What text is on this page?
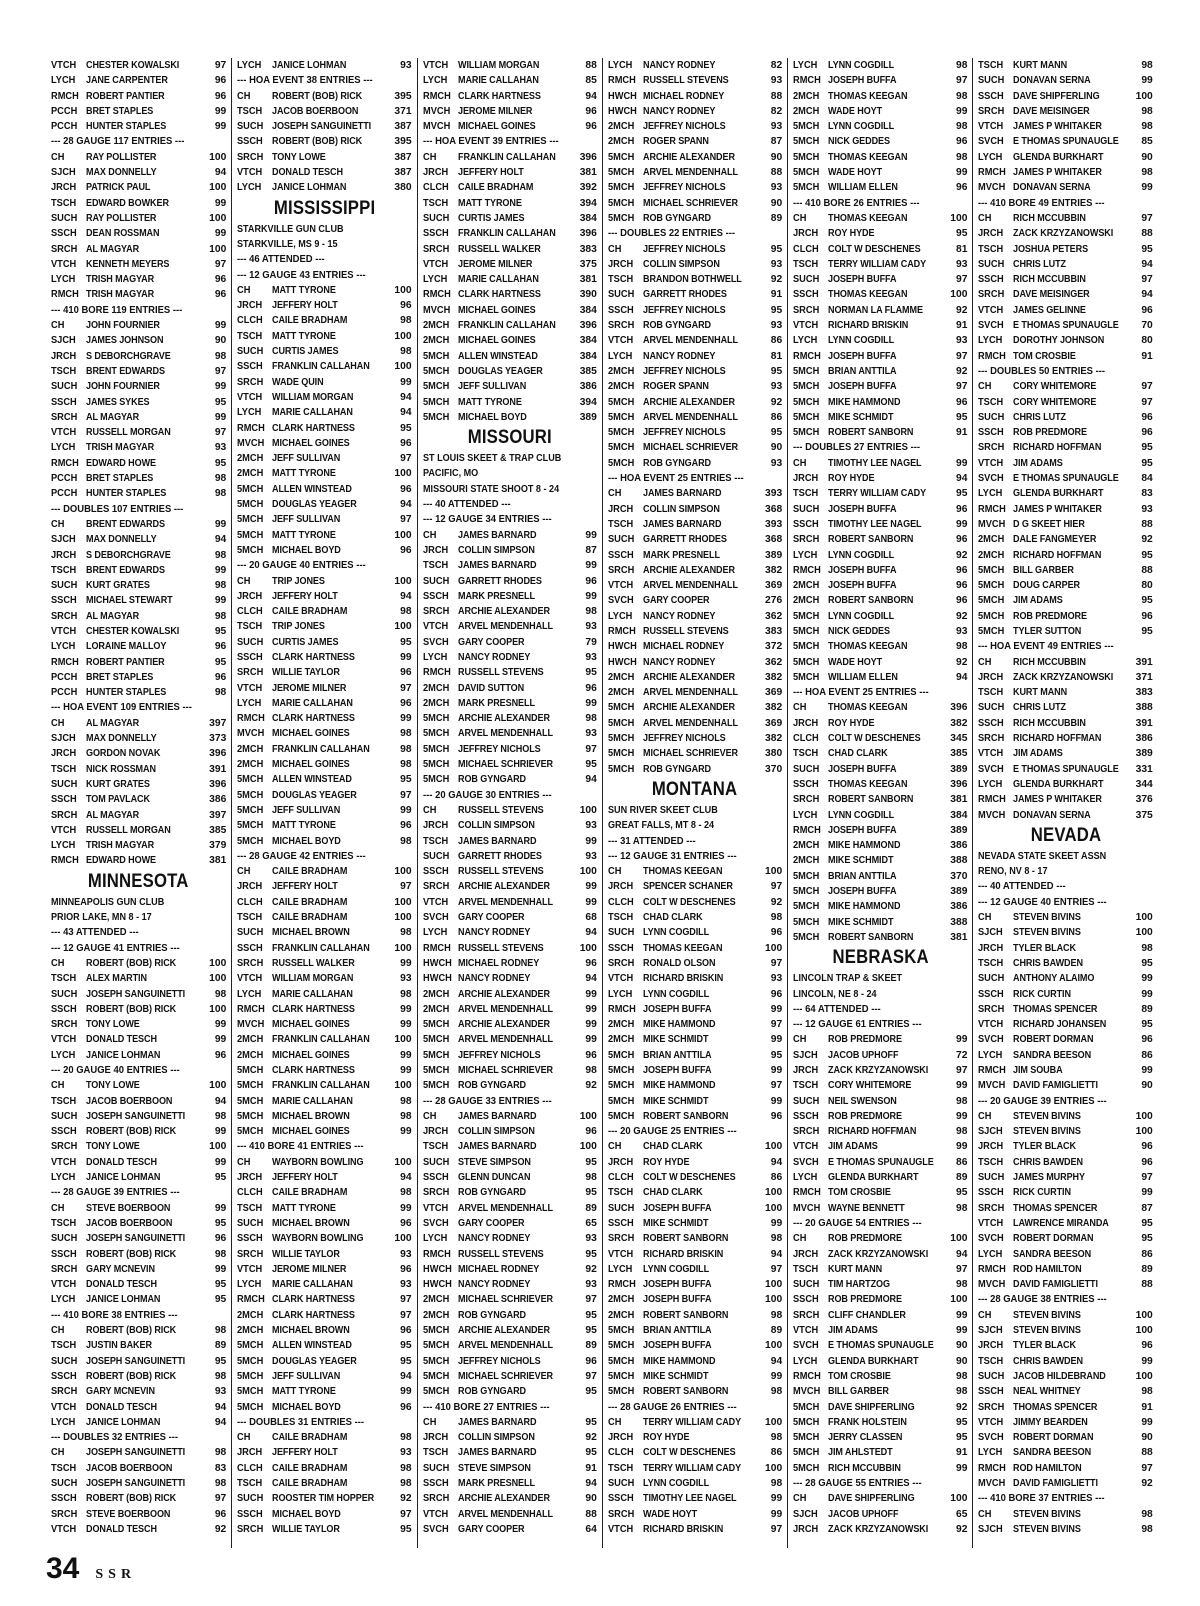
VTCH CHESTER KOWALSKI	97
LYCH	JANE CARPENTER	96
RMCH ROBERT PANTIER	96
PCCH BRET STAPLES	99
PCCH HUNTER STAPLES	99
--- 28 GAUGE 117 ENTRIES ---
CH	RAY POLLISTER	100
SJCH MAX DONNELLY	94
JRCH PATRICK PAUL	100
TSCH EDWARD BOWKER	99
SUCH RAY POLLISTER	100
SSCH DEAN ROSSMAN	99
SRCH AL MAGYAR	100
VTCH KENNETH MEYERS	97
LYCH	TRISH MAGYAR	96
RMCH TRISH MAGYAR	96
--- 410 BORE 119 ENTRIES ---
CH	JOHN FOURNIER	99
SJCH JAMES JOHNSON	90
JRCH S DEBORCHGRAVE	98
TSCH BRENT EDWARDS	97
SUCH JOHN FOURNIER	99
SSCH JAMES SYKES	95
SRCH AL MAGYAR	99
VTCH RUSSELL MORGAN	97
LYCH	TRISH MAGYAR	93
RMCH EDWARD HOWE	95
PCCH BRET STAPLES	98
PCCH HUNTER STAPLES	98
--- DOUBLES 107 ENTRIES ---
CH	BRENT EDWARDS	99
SJCH MAX DONNELLY	94
JRCH S DEBORCHGRAVE	98
TSCH BRENT EDWARDS	99
SUCH KURT GRATES	98
SSCH MICHAEL STEWART	99
SRCH AL MAGYAR	98
VTCH CHESTER KOWALSKI	95
LYCH	LORAINE MALLOY	96
RMCH ROBERT PANTIER	95
PCCH BRET STAPLES	96
PCCH HUNTER STAPLES	98
--- HOA EVENT 109 ENTRIES ---
CH	AL MAGYAR	397
SJCH MAX DONNELLY	373
JRCH GORDON NOVAK	396
TSCH NICK ROSSMAN	391
SUCH KURT GRATES	396
SSCH TOM PAVLACK	386
SRCH AL MAGYAR	397
VTCH RUSSELL MORGAN	385
LYCH	TRISH MAGYAR	379
RMCH EDWARD HOWE	381
MINNESOTA
MINNEAPOLIS GUN CLUB
PRIOR LAKE, MN 8 - 17
--- 43 ATTENDED ---
--- 12 GAUGE 41 ENTRIES ---
CH	ROBERT (BOB) RICK	100
TSCH ALEX MARTIN	100
SUCH JOSEPH SANGUINETTI	98
SSCH ROBERT (BOB) RICK	100
SRCH TONY LOWE	99
VTCH DONALD TESCH	99
LYCH	JANICE LOHMAN	96
--- 20 GAUGE 40 ENTRIES ---
CH	TONY LOWE	100
TSCH JACOB BOERBOON	94
SUCH JOSEPH SANGUINETTI	98
SSCH ROBERT (BOB) RICK	99
SRCH TONY LOWE	100
VTCH DONALD TESCH	99
LYCH	JANICE LOHMAN	95
--- 28 GAUGE 39 ENTRIES ---
CH	STEVE BOERBOON	99
TSCH JACOB BOERBOON	95
SUCH JOSEPH SANGUINETTI	96
SSCH ROBERT (BOB) RICK	98
SRCH GARY MCNEVIN	99
VTCH DONALD TESCH	95
LYCH	JANICE LOHMAN	95
--- 410 BORE 38 ENTRIES ---
CH	ROBERT (BOB) RICK	98
TSCH JUSTIN BAKER	89
SUCH JOSEPH SANGUINETTI	95
SSCH ROBERT (BOB) RICK	98
SRCH GARY MCNEVIN	93
VTCH DONALD TESCH	94
LYCH	JANICE LOHMAN	94
--- DOUBLES 32 ENTRIES ---
CH	JOSEPH SANGUINETTI	98
TSCH JACOB BOERBOON	83
SUCH JOSEPH SANGUINETTI	98
SSCH ROBERT (BOB) RICK	97
SRCH STEVE BOERBOON	96
VTCH DONALD TESCH	92
LYCH	JANICE LOHMAN	93
--- HOA EVENT 38 ENTRIES ---
CH	ROBERT (BOB) RICK	395
TSCH JACOB BOERBOON	371
SUCH JOSEPH SANGUINETTI	387
SSCH ROBERT (BOB) RICK	395
SRCH TONY LOWE	387
VTCH DONALD TESCH	387
LYCH	JANICE LOHMAN	380
MISSISSIPPI
STARKVILLE GUN CLUB
STARKVILLE, MS 9 - 15
--- 46 ATTENDED ---
--- 12 GAUGE 43 ENTRIES ---
CH	MATT TYRONE	100
JRCH JEFFERY HOLT	96
CLCH CAILE BRADHAM	98
TSCH MATT TYRONE	100
SUCH CURTIS JAMES	98
SSCH FRANKLIN CALLAHAN	100
SRCH WADE QUIN	99
VTCH WILLIAM MORGAN	94
LYCH	MARIE CALLAHAN	94
RMCH CLARK HARTNESS	95
MVCH MICHAEL GOINES	96
2MCH JEFF SULLIVAN	97
2MCH MATT TYRONE	100
5MCH ALLEN WINSTEAD	96
5MCH DOUGLAS YEAGER	94
5MCH JEFF SULLIVAN	97
5MCH MATT TYRONE	100
5MCH MICHAEL BOYD	96
--- 20 GAUGE 40 ENTRIES ---
CH	TRIP JONES	100
JRCH JEFFERY HOLT	94
CLCH CAILE BRADHAM	98
TSCH TRIP JONES	100
SUCH CURTIS JAMES	95
SSCH CLARK HARTNESS	99
SRCH WILLIE TAYLOR	96
VTCH JEROME MILNER	97
LYCH	MARIE CALLAHAN	96
RMCH CLARK HARTNESS	99
MVCH MICHAEL GOINES	98
2MCH FRANKLIN CALLAHAN	98
2MCH MICHAEL GOINES	98
5MCH ALLEN WINSTEAD	95
5MCH DOUGLAS YEAGER	97
5MCH JEFF SULLIVAN	99
5MCH MATT TYRONE	96
5MCH MICHAEL BOYD	98
--- 28 GAUGE 42 ENTRIES ---
CH	CAILE BRADHAM	100
JRCH JEFFERY HOLT	97
CLCH CAILE BRADHAM	100
TSCH CAILE BRADHAM	100
SUCH MICHAEL BROWN	98
SSCH FRANKLIN CALLAHAN	100
SRCH RUSSELL WALKER	99
VTCH WILLIAM MORGAN	93
LYCH	MARIE CALLAHAN	98
RMCH CLARK HARTNESS	99
MVCH MICHAEL GOINES	99
2MCH FRANKLIN CALLAHAN	100
2MCH MICHAEL GOINES	99
5MCH CLARK HARTNESS	99
5MCH FRANKLIN CALLAHAN	100
5MCH MARIE CALLAHAN	98
5MCH MICHAEL BROWN	98
5MCH MICHAEL GOINES	99
--- 410 BORE 41 ENTRIES ---
CH	WAYBORN BOWLING	100
JRCH JEFFERY HOLT	94
CLCH CAILE BRADHAM	98
TSCH MATT TYRONE	99
SUCH MICHAEL BROWN	96
SSCH WAYBORN BOWLING	100
SRCH WILLIE TAYLOR	93
VTCH JEROME MILNER	96
LYCH	MARIE CALLAHAN	93
RMCH CLARK HARTNESS	97
2MCH CLARK HARTNESS	97
2MCH MICHAEL BROWN	96
5MCH ALLEN WINSTEAD	95
5MCH DOUGLAS YEAGER	95
5MCH JEFF SULLIVAN	94
5MCH MATT TYRONE	99
5MCH MICHAEL BOYD	96
--- DOUBLES 31 ENTRIES ---
CH	CAILE BRADHAM	98
JRCH JEFFERY HOLT	93
CLCH CAILE BRADHAM	98
TSCH CAILE BRADHAM	98
SUCH ROOSTER TIM HOPPER	92
SSCH MICHAEL BOYD	97
SRCH WILLIE TAYLOR	95
VTCH WILLIAM MORGAN	88
LYCH	MARIE CALLAHAN	85
RMCH CLARK HARTNESS	94
MVCH JEROME MILNER	96
MVCH MICHAEL GOINES	96
--- HOA EVENT 39 ENTRIES ---
CH	FRANKLIN CALLAHAN	396
JRCH JEFFERY HOLT	381
CLCH CAILE BRADHAM	392
TSCH MATT TYRONE	394
SUCH CURTIS JAMES	384
SSCH FRANKLIN CALLAHAN	396
SRCH RUSSELL WALKER	383
VTCH JEROME MILNER	375
LYCH	MARIE CALLAHAN	381
RMCH CLARK HARTNESS	390
MVCH MICHAEL GOINES	384
2MCH FRANKLIN CALLAHAN	396
2MCH MICHAEL GOINES	384
5MCH ALLEN WINSTEAD	384
5MCH DOUGLAS YEAGER	385
5MCH JEFF SULLIVAN	386
5MCH MATT TYRONE	394
5MCH MICHAEL BOYD	389
MISSOURI
ST LOUIS SKEET & TRAP CLUB
PACIFIC, MO
MISSOURI STATE SHOOT 8 - 24
--- 40 ATTENDED ---
--- 12 GAUGE 34 ENTRIES ---
CH	JAMES BARNARD	99
JRCH COLLIN SIMPSON	87
TSCH JAMES BARNARD	99
SUCH GARRETT RHODES	96
SSCH MARK PRESNELL	99
SRCH ARCHIE ALEXANDER	98
VTCH ARVEL MENDENHALL	93
SVCH GARY COOPER	79
LYCH	NANCY RODNEY	93
RMCH RUSSELL STEVENS	95
2MCH DAVID SUTTON	96
2MCH MARK PRESNELL	99
5MCH ARCHIE ALEXANDER	98
5MCH ARVEL MENDENHALL	93
5MCH JEFFREY NICHOLS	97
5MCH MICHAEL SCHRIEVER	95
5MCH ROB GYNGARD	94
--- 20 GAUGE 30 ENTRIES ---
CH	RUSSELL STEVENS	100
JRCH COLLIN SIMPSON	93
TSCH JAMES BARNARD	99
SUCH GARRETT RHODES	93
SSCH RUSSELL STEVENS	100
SRCH ARCHIE ALEXANDER	99
VTCH ARVEL MENDENHALL	99
SVCH GARY COOPER	68
LYCH	NANCY RODNEY	94
RMCH RUSSELL STEVENS	100
HWCH MICHAEL RODNEY	96
HWCH NANCY RODNEY	94
2MCH ARCHIE ALEXANDER	99
2MCH ARVEL MENDENHALL	99
5MCH ARCHIE ALEXANDER	99
5MCH ARVEL MENDENHALL	99
5MCH JEFFREY NICHOLS	96
5MCH MICHAEL SCHRIEVER	98
5MCH ROB GYNGARD	92
--- 28 GAUGE 33 ENTRIES ---
CH	JAMES BARNARD	100
JRCH COLLIN SIMPSON	96
TSCH JAMES BARNARD	100
SUCH STEVE SIMPSON	95
SSCH GLENN DUNCAN	98
SRCH ROB GYNGARD	95
VTCH ARVEL MENDENHALL	89
SVCH GARY COOPER	65
LYCH	NANCY RODNEY	93
RMCH RUSSELL STEVENS	95
HWCH MICHAEL RODNEY	92
HWCH NANCY RODNEY	93
2MCH MICHAEL SCHRIEVER	97
2MCH ROB GYNGARD	95
5MCH ARCHIE ALEXANDER	95
5MCH ARVEL MENDENHALL	89
5MCH JEFFREY NICHOLS	96
5MCH MICHAEL SCHRIEVER	97
5MCH ROB GYNGARD	95
--- 410 BORE 27 ENTRIES ---
CH	JAMES BARNARD	95
JRCH COLLIN SIMPSON	92
TSCH JAMES BARNARD	95
SUCH STEVE SIMPSON	91
SSCH MARK PRESNELL	94
SRCH ARCHIE ALEXANDER	90
VTCH ARVEL MENDENHALL	88
SVCH GARY COOPER	64
LYCH	NANCY RODNEY	82
RMCH RUSSELL STEVENS	93
HWCH MICHAEL RODNEY	88
HWCH NANCY RODNEY	82
2MCH JEFFREY NICHOLS	93
2MCH ROGER SPANN	87
5MCH ARCHIE ALEXANDER	90
5MCH ARVEL MENDENHALL	88
5MCH JEFFREY NICHOLS	93
5MCH MICHAEL SCHRIEVER	90
5MCH ROB GYNGARD	89
--- DOUBLES 22 ENTRIES ---
CH	JEFFREY NICHOLS	95
JRCH COLLIN SIMPSON	93
TSCH BRANDON BOTHWELL	92
SUCH GARRETT RHODES	91
SSCH JEFFREY NICHOLS	95
SRCH ROB GYNGARD	93
VTCH ARVEL MENDENHALL	86
LYCH	NANCY RODNEY	81
2MCH JEFFREY NICHOLS	95
2MCH ROGER SPANN	93
5MCH ARCHIE ALEXANDER	92
5MCH ARVEL MENDENHALL	86
5MCH JEFFREY NICHOLS	95
5MCH MICHAEL SCHRIEVER	90
5MCH ROB GYNGARD	93
--- HOA EVENT 25 ENTRIES ---
CH	JAMES BARNARD	393
JRCH COLLIN SIMPSON	368
TSCH JAMES BARNARD	393
SUCH GARRETT RHODES	368
SSCH MARK PRESNELL	389
SRCH ARCHIE ALEXANDER	382
VTCH ARVEL MENDENHALL	369
SVCH GARY COOPER	276
LYCH	NANCY RODNEY	362
RMCH RUSSELL STEVENS	383
HWCH MICHAEL RODNEY	372
HWCH NANCY RODNEY	362
2MCH ARCHIE ALEXANDER	382
2MCH ARVEL MENDENHALL	369
5MCH ARCHIE ALEXANDER	382
5MCH ARVEL MENDENHALL	369
5MCH JEFFREY NICHOLS	382
5MCH MICHAEL SCHRIEVER	380
5MCH ROB GYNGARD	370
MONTANA
SUN RIVER SKEET CLUB
GREAT FALLS, MT 8 - 24
--- 31 ATTENDED ---
--- 12 GAUGE 31 ENTRIES ---
CH	THOMAS KEEGAN	100
JRCH SPENCER SCHANER	97
CLCH COLT W DESCHENES	92
TSCH CHAD CLARK	98
SUCH LYNN COGDILL	96
SSCH THOMAS KEEGAN	100
SRCH RONALD OLSON	97
VTCH RICHARD BRISKIN	93
LYCH	LYNN COGDILL	96
RMCH JOSEPH BUFFA	99
2MCH MIKE HAMMOND	97
2MCH MIKE SCHMIDT	99
5MCH BRIAN ANTTILA	95
5MCH JOSEPH BUFFA	99
5MCH MIKE HAMMOND	97
5MCH MIKE SCHMIDT	99
5MCH ROBERT SANBORN	96
--- 20 GAUGE 25 ENTRIES ---
CH	CHAD CLARK	100
JRCH ROY HYDE	94
CLCH COLT W DESCHENES	86
TSCH CHAD CLARK	100
SUCH JOSEPH BUFFA	100
SSCH MIKE SCHMIDT	99
SRCH ROBERT SANBORN	98
VTCH RICHARD BRISKIN	94
LYCH	LYNN COGDILL	97
RMCH JOSEPH BUFFA	100
2MCH JOSEPH BUFFA	100
2MCH ROBERT SANBORN	98
5MCH BRIAN ANTTILA	89
5MCH JOSEPH BUFFA	100
5MCH MIKE HAMMOND	94
5MCH MIKE SCHMIDT	99
5MCH ROBERT SANBORN	98
--- 28 GAUGE 26 ENTRIES ---
CH	TERRY WILLIAM CADY	100
JRCH ROY HYDE	98
CLCH COLT W DESCHENES	86
TSCH TERRY WILLIAM CADY	100
SUCH LYNN COGDILL	98
SSCH TIMOTHY LEE NAGEL	99
SRCH WADE HOYT	99
VTCH RICHARD BRISKIN	97
LYCH	LYNN COGDILL	98
RMCH JOSEPH BUFFA	97
2MCH THOMAS KEEGAN	98
2MCH WADE HOYT	99
5MCH LYNN COGDILL	98
5MCH NICK GEDDES	96
5MCH THOMAS KEEGAN	98
5MCH WADE HOYT	99
5MCH WILLIAM ELLEN	96
--- 410 BORE 26 ENTRIES ---
CH	THOMAS KEEGAN	100
JRCH ROY HYDE	95
CLCH COLT W DESCHENES	81
TSCH TERRY WILLIAM CADY	93
SUCH JOSEPH BUFFA	97
SSCH THOMAS KEEGAN	100
SRCH NORMAN LA FLAMME	92
VTCH RICHARD BRISKIN	91
LYCH	LYNN COGDILL	93
RMCH JOSEPH BUFFA	97
5MCH BRIAN ANTTILA	92
5MCH JOSEPH BUFFA	97
5MCH MIKE HAMMOND	96
5MCH MIKE SCHMIDT	95
5MCH ROBERT SANBORN	91
--- DOUBLES 27 ENTRIES ---
CH	TIMOTHY LEE NAGEL	99
JRCH ROY HYDE	94
TSCH TERRY WILLIAM CADY	95
SUCH JOSEPH BUFFA	96
SSCH TIMOTHY LEE NAGEL	99
SRCH ROBERT SANBORN	96
LYCH	LYNN COGDILL	92
RMCH JOSEPH BUFFA	96
2MCH JOSEPH BUFFA	96
2MCH ROBERT SANBORN	96
5MCH LYNN COGDILL	92
5MCH NICK GEDDES	93
5MCH THOMAS KEEGAN	98
5MCH WADE HOYT	92
5MCH WILLIAM ELLEN	94
--- HOA EVENT 25 ENTRIES ---
CH	THOMAS KEEGAN	396
JRCH ROY HYDE	382
CLCH COLT W DESCHENES	345
TSCH CHAD CLARK	385
SUCH JOSEPH BUFFA	389
SSCH THOMAS KEEGAN	396
SRCH ROBERT SANBORN	381
LYCH	LYNN COGDILL	384
RMCH JOSEPH BUFFA	389
2MCH MIKE HAMMOND	386
2MCH MIKE SCHMIDT	388
5MCH BRIAN ANTTILA	370
5MCH JOSEPH BUFFA	389
5MCH MIKE HAMMOND	386
5MCH MIKE SCHMIDT	388
5MCH ROBERT SANBORN	381
NEBRASKA
LINCOLN TRAP & SKEET
LINCOLN, NE 8 - 24
--- 64 ATTENDED ---
--- 12 GAUGE 61 ENTRIES ---
CH	ROB PREDMORE	99
SJCH JACOB UPHOFF	72
JRCH ZACK KRZYZANOWSKI	97
TSCH CORY WHITEMORE	99
SUCH NEIL SWENSON	98
SSCH ROB PREDMORE	99
SRCH RICHARD HOFFMAN	98
VTCH JIM ADAMS	99
SVCH E THOMAS SPUNAUGLE	86
LYCH	GLENDA BURKHART	89
RMCH TOM CROSBIE	95
MVCH WAYNE BENNETT	98
--- 20 GAUGE 54 ENTRIES ---
CH	ROB PREDMORE	100
JRCH ZACK KRZYZANOWSKI	94
TSCH KURT MANN	97
SUCH TIM HARTZOG	98
SSCH ROB PREDMORE	100
SRCH CLIFF CHANDLER	99
VTCH JIM ADAMS	99
SVCH E THOMAS SPUNAUGLE	90
LYCH	GLENDA BURKHART	90
RMCH TOM CROSBIE	98
MVCH BILL GARBER	98
5MCH DAVE SHIPFERLING	92
5MCH FRANK HOLSTEIN	95
5MCH JERRY CLASSEN	95
5MCH JIM AHLSTEDT	91
5MCH RICH MCCUBBIN	99
--- 28 GAUGE 55 ENTRIES ---
CH	DAVE SHIPFERLING	100
SJCH JACOB UPHOFF	65
JRCH ZACK KRZYZANOWSKI	92
TSCH KURT MANN	98
SUCH DONAVAN SERNA	99
SSCH DAVE SHIPFERLING	100
SRCH DAVE MEISINGER	98
VTCH JAMES P WHITAKER	98
SVCH E THOMAS SPUNAUGLE	85
LYCH	GLENDA BURKHART	90
RMCH JAMES P WHITAKER	98
MVCH DONAVAN SERNA	99
--- 410 BORE 49 ENTRIES ---
CH	RICH MCCUBBIN	97
JRCH ZACK KRZYZANOWSKI	88
TSCH JOSHUA PETERS	95
SUCH CHRIS LUTZ	94
SSCH RICH MCCUBBIN	97
SRCH DAVE MEISINGER	94
VTCH JAMES GELINNE	96
SVCH E THOMAS SPUNAUGLE	70
LYCH	DOROTHY JOHNSON	80
RMCH TOM CROSBIE	91
--- DOUBLES 50 ENTRIES ---
CH	CORY WHITEMORE	97
TSCH CORY WHITEMORE	97
SUCH CHRIS LUTZ	96
SSCH ROB PREDMORE	96
SRCH RICHARD HOFFMAN	95
VTCH JIM ADAMS	95
SVCH E THOMAS SPUNAUGLE	84
LYCH	GLENDA BURKHART	83
RMCH JAMES P WHITAKER	93
MVCH D G SKEET HIER	88
2MCH DALE FANGMEYER	92
2MCH RICHARD HOFFMAN	95
5MCH BILL GARBER	88
5MCH DOUG CARPER	80
5MCH JIM ADAMS	95
5MCH ROB PREDMORE	96
5MCH TYLER SUTTON	95
--- HOA EVENT 49 ENTRIES ---
CH	RICH MCCUBBIN	391
JRCH ZACK KRZYZANOWSKI	371
TSCH KURT MANN	383
SUCH CHRIS LUTZ	388
SSCH RICH MCCUBBIN	391
SRCH RICHARD HOFFMAN	386
VTCH JIM ADAMS	389
SVCH E THOMAS SPUNAUGLE	331
LYCH	GLENDA BURKHART	344
RMCH JAMES P WHITAKER	376
MVCH DONAVAN SERNA	375
NEVADA
NEVADA STATE SKEET ASSN
RENO, NV 8 - 17
--- 40 ATTENDED ---
--- 12 GAUGE 40 ENTRIES ---
CH	STEVEN BIVINS	100
SJCH STEVEN BIVINS	100
JRCH TYLER BLACK	98
TSCH CHRIS BAWDEN	95
SUCH ANTHONY ALAIMO	99
SSCH RICK CURTIN	99
SRCH THOMAS SPENCER	89
VTCH RICHARD JOHANSEN	95
SVCH ROBERT DORMAN	96
LYCH	SANDRA BEESON	86
RMCH JIM SOUBA	99
MVCH DAVID FAMIGLIETTI	90
--- 20 GAUGE 39 ENTRIES ---
CH	STEVEN BIVINS	100
SJCH STEVEN BIVINS	100
JRCH TYLER BLACK	96
TSCH CHRIS BAWDEN	96
SUCH JAMES MURPHY	97
SSCH RICK CURTIN	99
SRCH THOMAS SPENCER	87
VTCH LAWRENCE MIRANDA	95
SVCH ROBERT DORMAN	95
LYCH	SANDRA BEESON	86
RMCH ROD HAMILTON	89
MVCH DAVID FAMIGLIETTI	88
--- 28 GAUGE 38 ENTRIES ---
CH	STEVEN BIVINS	100
SJCH STEVEN BIVINS	100
JRCH TYLER BLACK	96
TSCH CHRIS BAWDEN	99
SUCH JACOB HILDEBRAND	100
SSCH NEAL WHITNEY	98
SRCH THOMAS SPENCER	91
VTCH JIMMY BEARDEN	99
SVCH ROBERT DORMAN	90
LYCH	SANDRA BEESON	88
RMCH ROD HAMILTON	97
MVCH DAVID FAMIGLIETTI	92
--- 410 BORE 37 ENTRIES ---
CH	STEVEN BIVINS	98
SJCH STEVEN BIVINS	98
34 SSR
